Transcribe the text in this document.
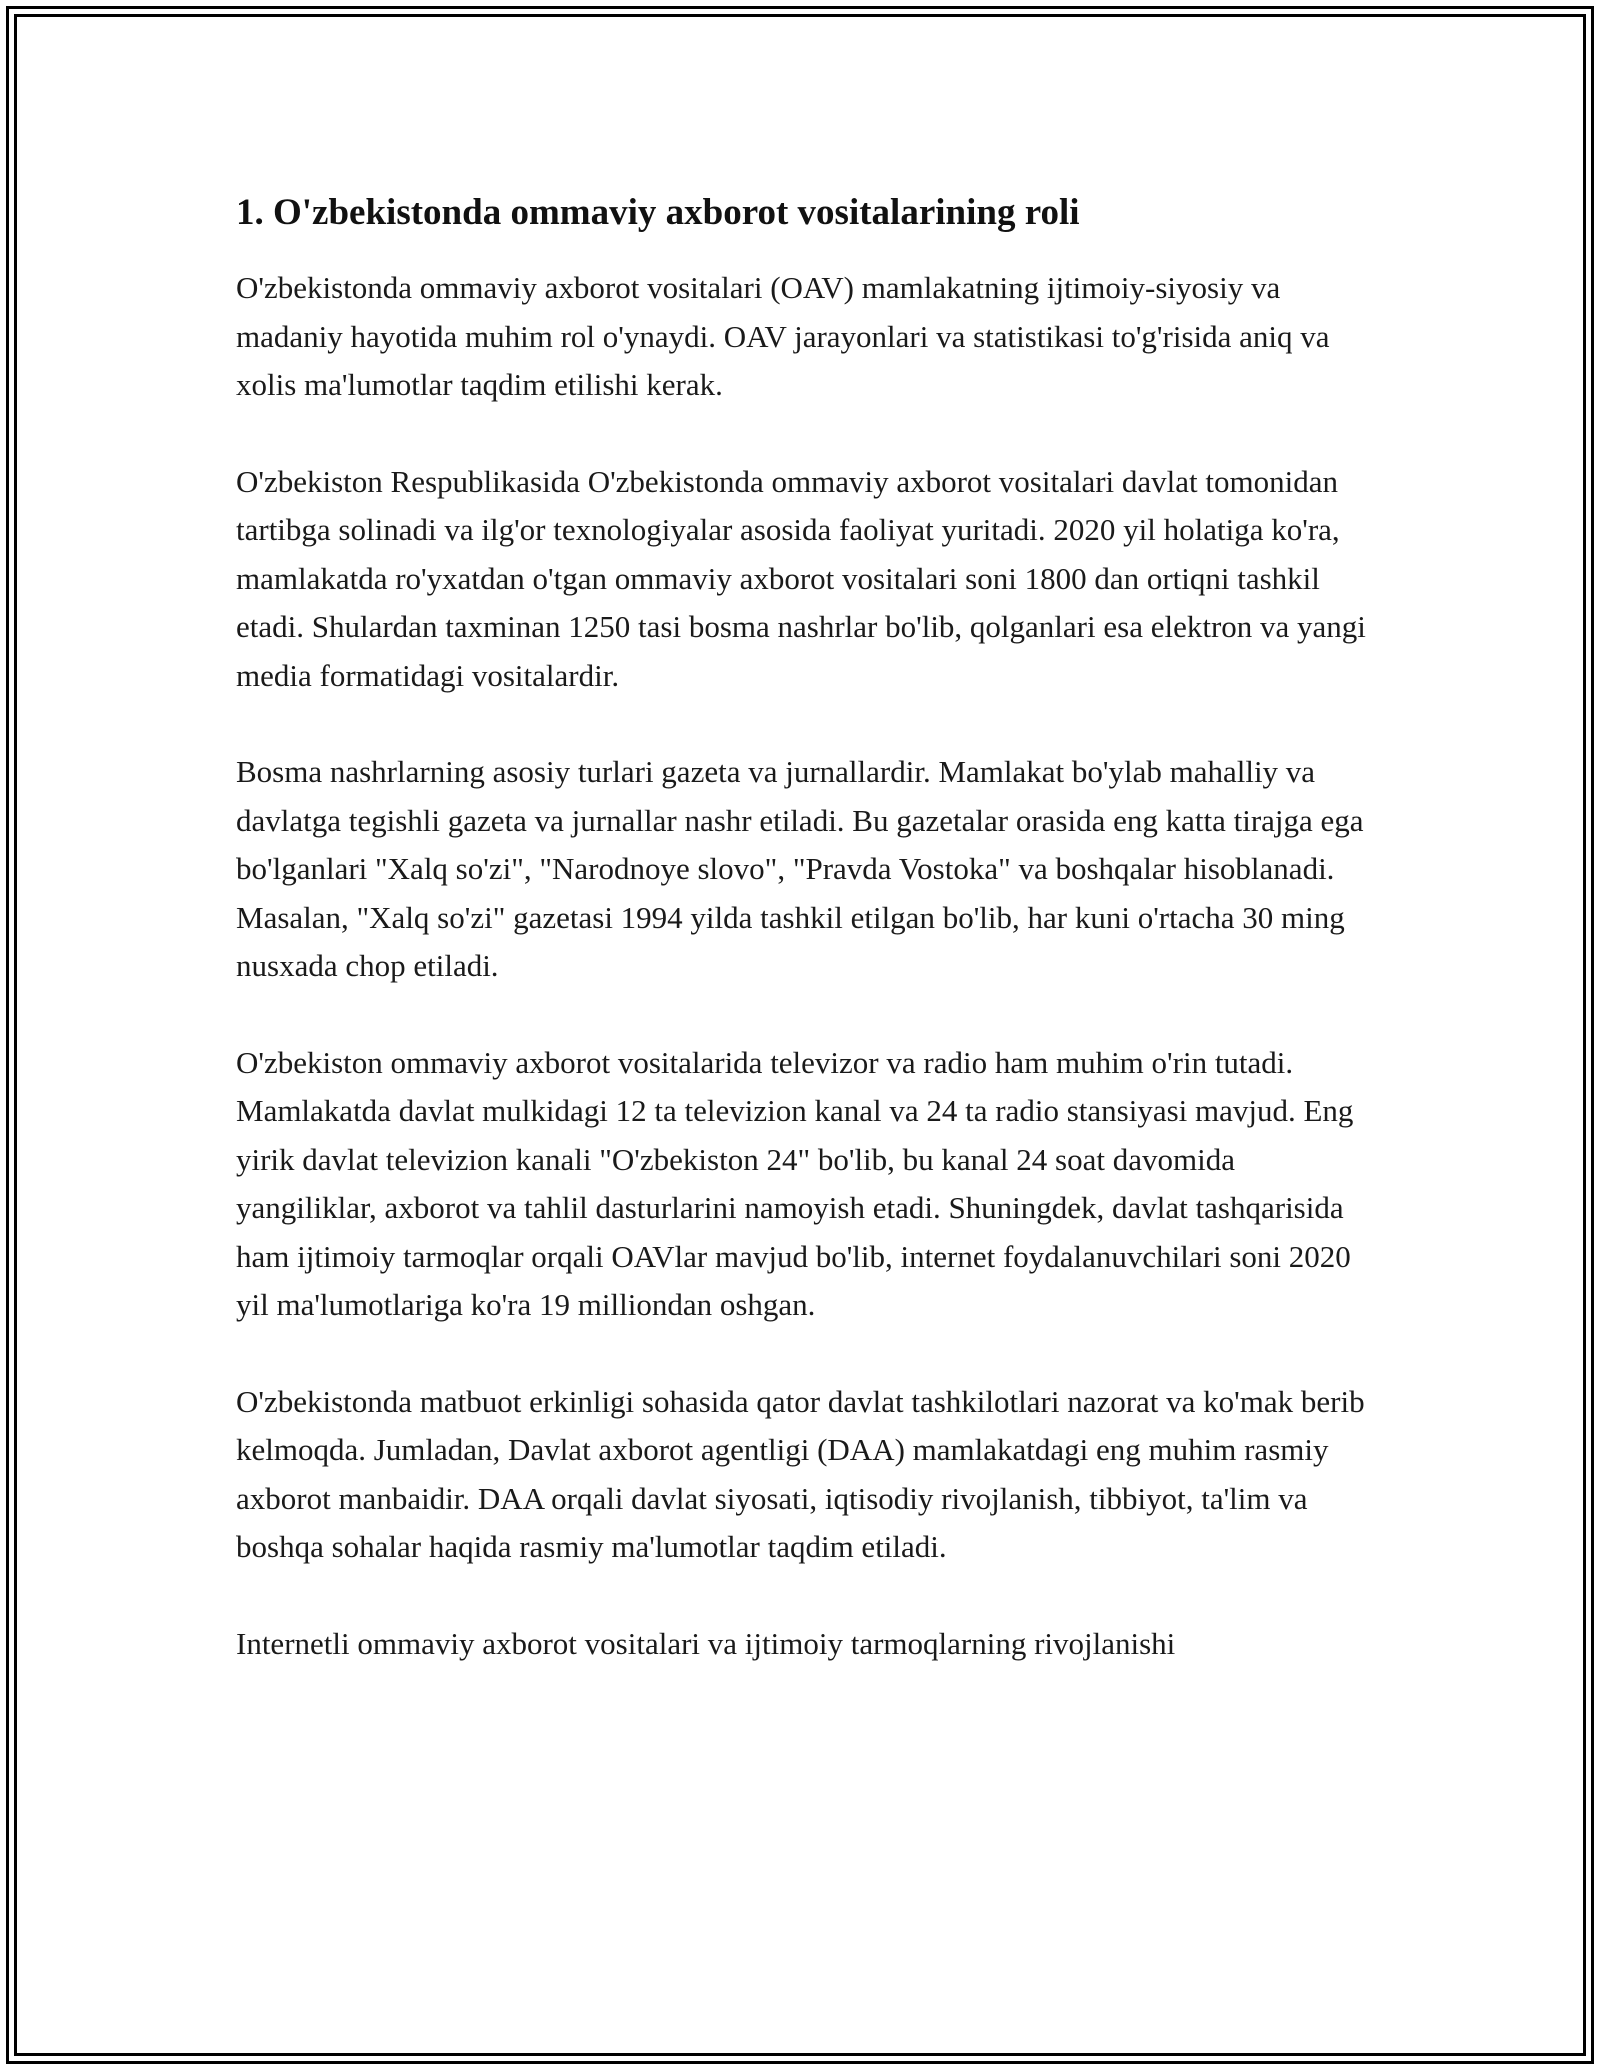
1. O'zbekistonda ommaviy axborot vositalarining roli

O'zbekistonda ommaviy axborot vositalari (OAV) mamlakatning ijtimoiy-siyosiy va madaniy hayotida muhim rol o'ynaydi. OAV jarayonlari va statistikasi to'g'risida aniq va xolis ma'lumotlar taqdim etilishi kerak.

O'zbekiston Respublikasida O'zbekistonda ommaviy axborot vositalari davlat tomonidan tartibga solinadi va ilg'or texnologiyalar asosida faoliyat yuritadi. 2020 yil holatiga ko'ra, mamlakatda ro'yxatdan o'tgan ommaviy axborot vositalari soni 1800 dan ortiqni tashkil etadi. Shulardan taxminan 1250 tasi bosma nashrlar bo'lib, qolganlari esa elektron va yangi media formatidagi vositalardir.

Bosma nashrlarning asosiy turlari gazeta va jurnallardir. Mamlakat bo'ylab mahalliy va davlatga tegishli gazeta va jurnallar nashr etiladi. Bu gazetalar orasida eng katta tirajga ega bo'lganlari "Xalq so'zi", "Narodnoye slovo", "Pravda Vostoka" va boshqalar hisoblanadi. Masalan, "Xalq so'zi" gazetasi 1994 yilda tashkil etilgan bo'lib, har kuni o'rtacha 30 ming nusxada chop etiladi.

O'zbekiston ommaviy axborot vositalarida televizor va radio ham muhim o'rin tutadi. Mamlakatda davlat mulkidagi 12 ta televizion kanal va 24 ta radio stansiyasi mavjud. Eng yirik davlat televizion kanali "O'zbekiston 24" bo'lib, bu kanal 24 soat davomida yangiliklar, axborot va tahlil dasturlarini namoyish etadi. Shuningdek, davlat tashqarisida ham ijtimoiy tarmoqlar orqali OAVlar mavjud bo'lib, internet foydalanuvchilari soni 2020 yil ma'lumotlariga ko'ra 19 milliondan oshgan.

O'zbekistonda matbuot erkinligi sohasida qator davlat tashkilotlari nazorat va ko'mak berib kelmoqda. Jumladan, Davlat axborot agentligi (DAA) mamlakatdagi eng muhim rasmiy axborot manbaidir. DAA orqali davlat siyosati, iqtisodiy rivojlanish, tibbiyot, ta'lim va boshqa sohalar haqida rasmiy ma'lumotlar taqdim etiladi.

Internetli ommaviy axborot vositalari va ijtimoiy tarmoqlarning rivojlanishi
